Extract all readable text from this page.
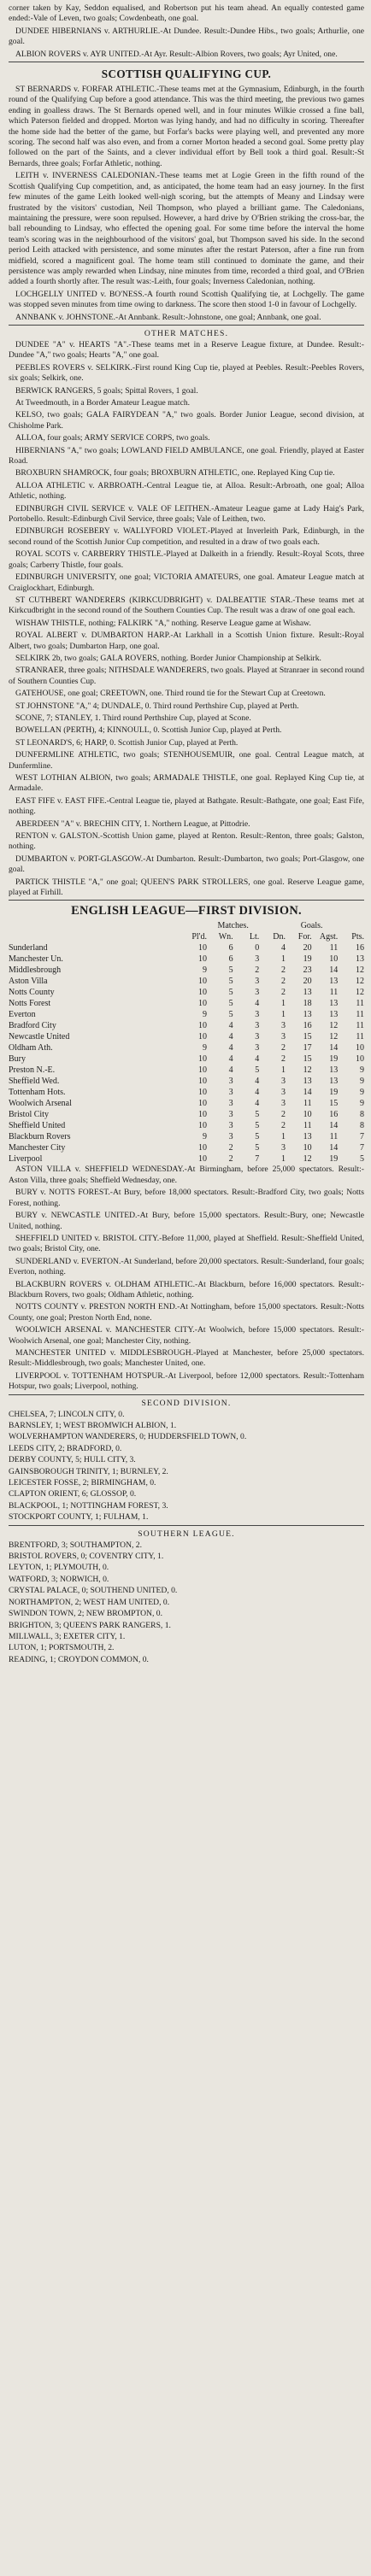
corner taken by Kay, Seddon equalised, and Robertson put his team ahead. An equally contested game ended:-Vale of Leven, two goals; Cowdenbeath, one goal.

DUNDEE HIBERNIANS v. ARTHURLIE.-At Dundee. Result:-Dundee Hibs., two goals; Arthurlie, one goal.

ALBION ROVERS v. AYR UNITED.-At Ayr. Result:-Albion Rovers, two goals; Ayr United, one.

SCOTTISH QUALIFYING CUP.

ST BERNARDS v. FORFAR ATHLETIC.-These teams met at the Gymnasium, Edinburgh, in the fourth round of the Qualifying Cup before a good attendance. This was the third meeting, the previous two games ending in goalless draws. The St Bernards opened well, and in four minutes Wilkie crossed a fine ball, which Paterson fielded and dropped. Morton was lying handy, and had no difficulty in scoring. Thereafter the home side had the better of the game, but Forfar's backs were playing well, and prevented any more scoring. The second half was also even, and from a corner Morton headed a second goal. Some pretty play followed on the part of the Saints, and a clever individual effort by Bell took a third goal. Result:-St Bernards, three goals; Forfar Athletic, nothing.

LEITH v. INVERNESS CALEDONIAN.-These teams met at Logie Green in the fifth round of the Scottish Qualifying Cup competition, and, as anticipated, the home team had an easy journey. In the first few minutes of the game Leith looked well-nigh scoring, but the attempts of Meany and Lindsay were frustrated by the visitors' custodian, Neil Thompson, who played a brilliant game. The Caledonians, maintaining the pressure, were soon repulsed. However, a hard drive by O'Brien striking the cross-bar, the ball rebounding to Lindsay, who effected the opening goal. For some time before the interval the home team's scoring was in the neighbourhood of the visitors' goal, but Thompson saved his side. In the second period Leith attacked with persistence, and some minutes after the restart Paterson, after a fine run from midfield, scored a magnificent goal. The home team still continued to dominate the game, and their persistence was amply rewarded when Lindsay, nine minutes from time, recorded a third goal, and O'Brien added a fourth shortly after. The result was:-Leith, four goals; Inverness Caledonian, nothing.

LOCHGELLY UNITED v. BO'NESS.-A fourth round Scottish Qualifying tie, at Lochgelly. The game was stopped seven minutes from time owing to darkness. The score then stood 1-0 in favour of Lochgelly.

ANNBANK v. JOHNSTONE.-At Annbank. Result:-Johnstone, one goal; Annbank, one goal.

OTHER MATCHES.

DUNDEE "A" v. HEARTS "A".-These teams met in a Reserve League fixture, at Dundee. Result:-Dundee "A," two goals; Hearts "A," one goal.

PEEBLES ROVERS v. SELKIRK.-First round King Cup tie, played at Peebles. Result:-Peebles Rovers, six goals; Selkirk, one.

BERWICK RANGERS, 5 goals; Spittal Rovers, 1 goal.

At Tweedmouth, in a Border Amateur League match.

KELSO, two goals; GALA FAIRYDEAN "A," two goals. Border Junior League, second division, at Chisholme Park.

ALLOA, four goals; ARMY SERVICE CORPS, two goals.

HIBERNIANS "A," two goals; LOWLAND FIELD AMBULANCE, one goal. Friendly, played at Easter Road.

BROXBURN SHAMROCK, four goals; BROXBURN ATHLETIC, one. Replayed King Cup tie.

ALLOA ATHLETIC v. ARBROATH.-Central League tie, at Alloa. Result:-Arbroath, one goal; Alloa Athletic, nothing.

EDINBURGH CIVIL SERVICE v. VALE OF LEITHEN.-Amateur League game at Lady Haig's Park, Portobello. Result:-Edinburgh Civil Service, three goals; Vale of Leithen, two.

EDINBURGH ROSEBERY v. WALLYFORD VIOLET.-Played at Inverleith Park, Edinburgh, in the second round of the Scottish Junior Cup competition, and resulted in a draw of two goals each.

ROYAL SCOTS v. CARBERRY THISTLE.-Played at Dalkeith in a friendly. Result:-Royal Scots, three goals; Carberry Thistle, four goals.

EDINBURGH UNIVERSITY, one goal; VICTORIA AMATEURS, one goal. Amateur League match at Craiglockhart, Edinburgh.

ST CUTHBERT WANDERERS (KIRKCUDBRIGHT) v. DALBEATTIE STAR.-These teams met at Kirkcudbright in the second round of the Southern Counties Cup. The result was a draw of one goal each.

WISHAW THISTLE, nothing; FALKIRK "A," nothing. Reserve League game at Wishaw.

ROYAL ALBERT v. DUMBARTON HARP.-At Larkhall in a Scottish Union fixture. Result:-Royal Albert, two goals; Dumbarton Harp, one goal.

SELKIRK 2b, two goals; GALA ROVERS, nothing. Border Junior Championship at Selkirk.

STRANRAER, three goals; NITHSDALE WANDERERS, two goals. Played at Stranraer in second round of Southern Counties Cup.

GATEHOUSE, one goal; CREETOWN, one. Third round tie for the Stewart Cup at Creetown.

ST JOHNSTONE "A," 4; DUNDALE, 0. Third round Perthshire Cup, played at Perth.

SCONE, 7; STANLEY, 1. Third round Perthshire Cup, played at Scone.

BOWELLAN (PERTH), 4; KINNOULL, 0. Scottish Junior Cup, played at Perth.

ST LEONARD'S, 6; HARP, 0. Scottish Junior Cup, played at Perth.

DUNFERMLINE ATHLETIC, two goals; STENHOUSEMUIR, one goal. Central League match, at Dunfermline.

WEST LOTHIAN ALBION, two goals; ARMADALE THISTLE, one goal. Replayed King Cup tie, at Armadale.

EAST FIFE v. EAST FIFE.-Central League tie, played at Bathgate. Result:-Bathgate, one goal; East Fife, nothing.

ABERDEEN "A" v. BRECHIN CITY, 1. Northern League, at Pittodrie.

RENTON v. GALSTON.-Scottish Union game, played at Renton. Result:-Renton, three goals; Galston, nothing.

DUMBARTON v. PORT-GLASGOW.-At Dumbarton. Result:-Dumbarton, two goals; Port-Glasgow, one goal.

PARTICK THISTLE "A," one goal; QUEEN'S PARK STROLLERS, one goal. Reserve League game, played at Firhill.

ENGLISH LEAGUE—FIRST DIVISION.
	Matches.				Goals.		
	Pl'd.	Wn.	Lt.	Dn.	For.	Agst.	Pts.
Sunderland	10	6	0	4	20	11	16
Manchester Un.	10	6	3	1	19	10	13
Middlesbrough	9	5	2	2	23	14	12
Aston Villa	10	5	3	2	20	13	12
Notts County	10	5	3	2	13	11	12
Notts Forest	10	5	4	1	18	13	11
Everton	9	5	3	1	13	13	11
Bradford City	10	4	3	3	16	12	11
Newcastle United	10	4	3	3	15	12	11
Oldham Ath.	9	4	3	2	17	14	10
Bury	10	4	4	2	15	19	10
Preston N.-E.	10	4	5	1	12	13	9
Sheffield Wed.	10	3	4	3	13	13	9
Tottenham Hots.	10	3	4	3	14	19	9
Woolwich Arsenal	10	3	4	3	11	15	9
Bristol City	10	3	5	2	10	16	8
Sheffield United	10	3	5	2	11	14	8
Blackburn Rovers	9	3	5	1	13	11	7
Manchester City	10	2	5	3	10	14	7
Liverpool	10	2	7	1	12	19	5

ASTON VILLA v. SHEFFIELD WEDNESDAY.-At Birmingham, before 25,000 spectators. Result:-Aston Villa, three goals; Sheffield Wednesday, one.

BURY v. NOTTS FOREST.-At Bury, before 18,000 spectators. Result:-Bradford City, two goals; Notts Forest, nothing.

BURY v. NEWCASTLE UNITED.-At Bury, before 15,000 spectators. Result:-Bury, one; Newcastle United, nothing.

SHEFFIELD UNITED v. BRISTOL CITY.-Before 11,000, played at Sheffield. Result:-Sheffield United, two goals; Bristol City, one.

SUNDERLAND v. EVERTON.-At Sunderland, before 20,000 spectators. Result:-Sunderland, four goals; Everton, nothing.

BLACKBURN ROVERS v. OLDHAM ATHLETIC.-At Blackburn, before 16,000 spectators. Result:-Blackburn Rovers, two goals; Oldham Athletic, nothing.

NOTTS COUNTY v. PRESTON NORTH END.-At Nottingham, before 15,000 spectators. Result:-Notts County, one goal; Preston North End, none.

WOOLWICH ARSENAL v. MANCHESTER CITY.-At Woolwich, before 15,000 spectators. Result:-Woolwich Arsenal, one goal; Manchester City, nothing.

MANCHESTER UNITED v. MIDDLESBROUGH.-Played at Manchester, before 25,000 spectators. Result:-Middlesbrough, two goals; Manchester United, one.

LIVERPOOL v. TOTTENHAM HOTSPUR.-At Liverpool, before 12,000 spectators. Result:-Tottenham Hotspur, two goals; Liverpool, nothing.

SECOND DIVISION.

CHELSEA, 7; LINCOLN CITY, 0.

BARNSLEY, 1; WEST BROMWICH ALBION, 1.

WOLVERHAMPTON WANDERERS, 0; HUDDERSFIELD TOWN, 0.

LEEDS CITY, 2; BRADFORD, 0.

DERBY COUNTY, 5; HULL CITY, 3.

GAINSBOROUGH TRINITY, 1; BURNLEY, 2.

LEICESTER FOSSE, 2; BIRMINGHAM, 0.

CLAPTON ORIENT, 6; GLOSSOP, 0.

BLACKPOOL, 1; NOTTINGHAM FOREST, 3.

STOCKPORT COUNTY, 1; FULHAM, 1.

SOUTHERN LEAGUE.

BRENTFORD, 3; SOUTHAMPTON, 2.

BRISTOL ROVERS, 0; COVENTRY CITY, 1.

LEYTON, 1; PLYMOUTH, 0.

WATFORD, 3; NORWICH, 0.

CRYSTAL PALACE, 0; SOUTHEND UNITED, 0.

NORTHAMPTON, 2; WEST HAM UNITED, 0.

SWINDON TOWN, 2; NEW BROMPTON, 0.

BRIGHTON, 3; QUEEN'S PARK RANGERS, 1.

MILLWALL, 3; EXETER CITY, 1.

LUTON, 1; PORTSMOUTH, 2.

READING, 1; CROYDON COMMON, 0.
